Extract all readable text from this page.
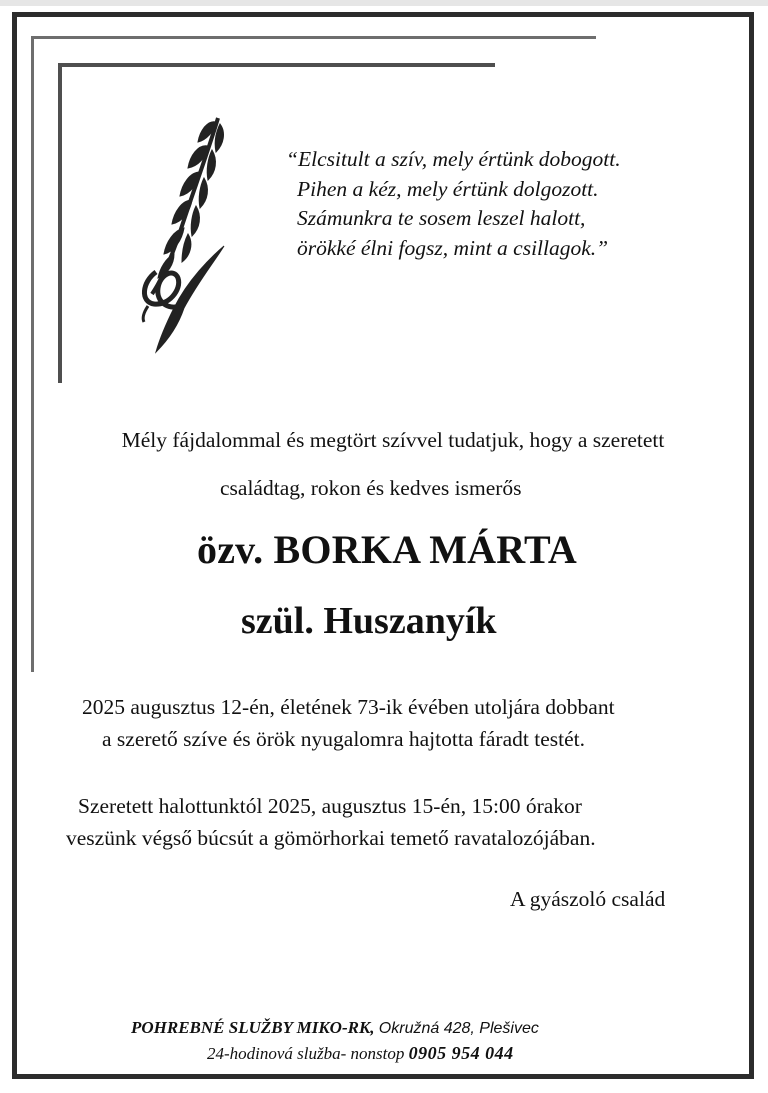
“Elcsitult a szív, mely értünk dobogott.
Pihen a kéz, mely értünk dolgozott.
Számunkra te sosem leszel halott,
örökké élni fogsz, mint a csillagok.”
Mély fájdalommal és megtört szívvel tudatjuk, hogy a szeretett
családtag, rokon és kedves ismerős
özv. BORKA MÁRTA
szül. Huszanyík
2025 augusztus 12-én, életének 73-ik évében utoljára dobbant
a szerető szíve és örök nyugalomra hajtotta fáradt testét.
Szeretett halottunktól 2025, augusztus 15-én, 15:00 órakor
veszünk végső búcsút a gömörhorkai temető ravatalozójában.
A gyászoló család
POHREBNÉ SLUŽBY MIKO-RK, Okružná 428, Plešivec
24-hodinová služba- nonstop 0905 954 044
